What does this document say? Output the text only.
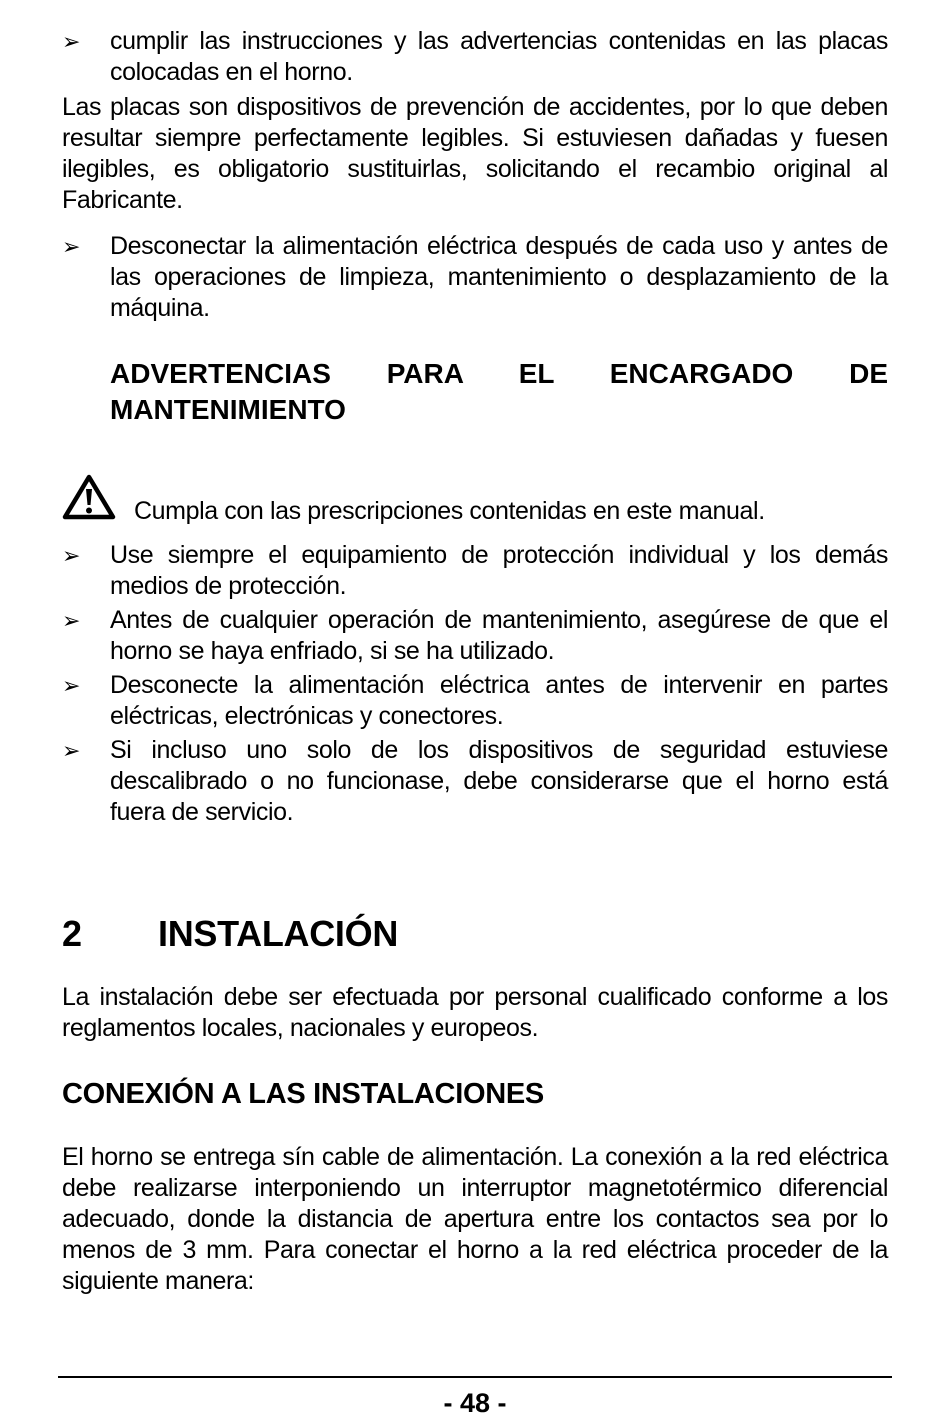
➢ cumplir las instrucciones y las advertencias contenidas en las placas colocadas en el horno.

Las placas son dispositivos de prevención de accidentes, por lo que deben resultar siempre perfectamente legibles. Si estuviesen dañadas y fuesen ilegibles, es obligatorio sustituirlas, solicitando el recambio original al Fabricante.

➢ Desconectar la alimentación eléctrica después de cada uso y antes de las operaciones de limpieza, mantenimiento o desplazamiento de la máquina.
ADVERTENCIAS PARA EL ENCARGADO DE
MANTENIMIENTO
Cumpla con las prescripciones contenidas en este manual.
➢ Use siempre el equipamiento de protección individual y los demás medios de protección.
➢ Antes de cualquier operación de mantenimiento, asegúrese de que el horno se haya enfriado, si se ha utilizado.
➢ Desconecte la alimentación eléctrica antes de intervenir en partes eléctricas, electrónicas y conectores.
➢ Si incluso uno solo de los dispositivos de seguridad estuviese descalibrado o no funcionase, debe considerarse que el horno está fuera de servicio.
2 INSTALACIÓN

La instalación debe ser efectuada por personal cualificado conforme a los reglamentos locales, nacionales y europeos.

CONEXIÓN A LAS INSTALACIONES

El horno se entrega sín cable de alimentación. La conexión a la red eléctrica debe realizarse interponiendo un interruptor magnetotérmico diferencial adecuado, donde la distancia de apertura entre los contactos sea por lo menos de 3 mm. Para conectar el horno a la red eléctrica proceder de la siguiente manera:

- 48 -
